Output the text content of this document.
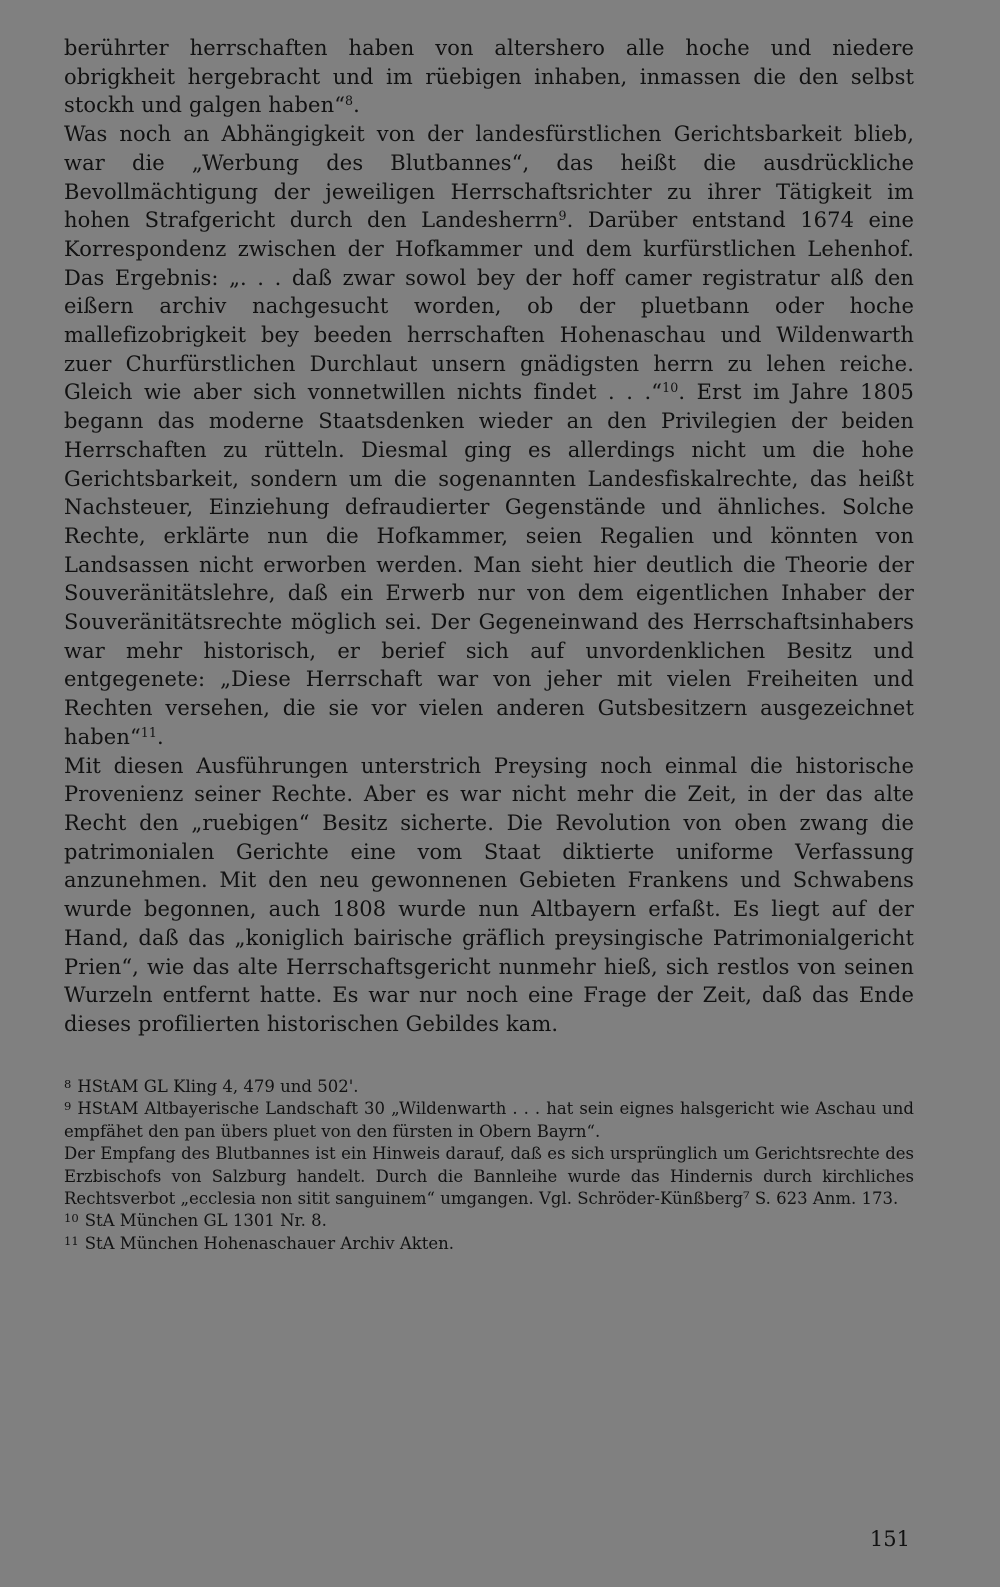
berührter herrschaften haben von altershero alle hoche und niedere obrigkheit hergebracht und im rüebigen inhaben, inmassen die den selbst stockh und galgen haben“$^8$.

Was noch an Abhängigkeit von der landesfürstlichen Gerichtsbarkeit blieb, war die „Werbung des Blutbannes“, das heißt die ausdrückliche Bevollmächtigung der jeweiligen Herrschaftsrichter zu ihrer Tätigkeit im hohen Strafgericht durch den Landesherrn$^9$. Darüber entstand 1674 eine Korrespondenz zwischen der Hofkammer und dem kurfürstlichen Lehenhof. Das Ergebnis: „. . . daß zwar sowol bey der hoff camer registratur alß den eißern archiv nachgesucht worden, ob der pluetbann oder hoche mallefizobrigkeit bey beeden herrschaften Hohenaschau und Wildenwarth zuer Churfürstlichen Durchlaut unsern gnädigsten herrn zu lehen reiche. Gleich wie aber sich vonnetwillen nichts findet . . .“$^{10}$. Erst im Jahre 1805 begann das moderne Staatsdenken wieder an den Privilegien der beiden Herrschaften zu rütteln. Diesmal ging es allerdings nicht um die hohe Gerichtsbarkeit, sondern um die sogenannten Landesfiskalrechte, das heißt Nachsteuer, Einziehung defraudierter Gegenstände und ähnliches. Solche Rechte, erklärte nun die Hofkammer, seien Regalien und könnten von Landsassen nicht erworben werden. Man sieht hier deutlich die Theorie der Souveränitätslehre, daß ein Erwerb nur von dem eigentlichen Inhaber der Souveränitätsrechte möglich sei. Der Gegeneinwand des Herrschaftsinhabers war mehr historisch, er berief sich auf unvordenklichen Besitz und entgegenete: „Diese Herrschaft war von jeher mit vielen Freiheiten und Rechten versehen, die sie vor vielen anderen Gutsbesitzern ausgezeichnet haben“$^{11}$.

Mit diesen Ausführungen unterstrich Preysing noch einmal die historische Provenienz seiner Rechte. Aber es war nicht mehr die Zeit, in der das alte Recht den „ruebigen“ Besitz sicherte. Die Revolution von oben zwang die patrimonialen Gerichte eine vom Staat diktierte uniforme Verfassung anzunehmen. Mit den neu gewonnenen Gebieten Frankens und Schwabens wurde begonnen, auch 1808 wurde nun Altbayern erfaßt. Es liegt auf der Hand, daß das „koniglich bairische gräflich preysingische Patrimonialgericht Prien“, wie das alte Herrschaftsgericht nunmehr hieß, sich restlos von seinen Wurzeln entfernt hatte. Es war nur noch eine Frage der Zeit, daß das Ende dieses profilierten historischen Gebildes kam.

$^8$ HStAM GL Kling 4, 479 und 502'.

$^9$ HStAM Altbayerische Landschaft 30 „Wildenwarth . . . hat sein eignes halsgericht wie Aschau und empfähet den pan übers pluet von den fürsten in Obern Bayrn“.

Der Empfang des Blutbannes ist ein Hinweis darauf, daß es sich ursprünglich um Gerichtsrechte des Erzbischofs von Salzburg handelt. Durch die Bannleihe wurde das Hindernis durch kirchliches Rechtsverbot „ecclesia non sitit sanguinem“ umgangen. Vgl. Schröder-Künßberg⁷ S. 623 Anm. 173.

$^{10}$ StA München GL 1301 Nr. 8.

$^{11}$ StA München Hohenaschauer Archiv Akten.

151
